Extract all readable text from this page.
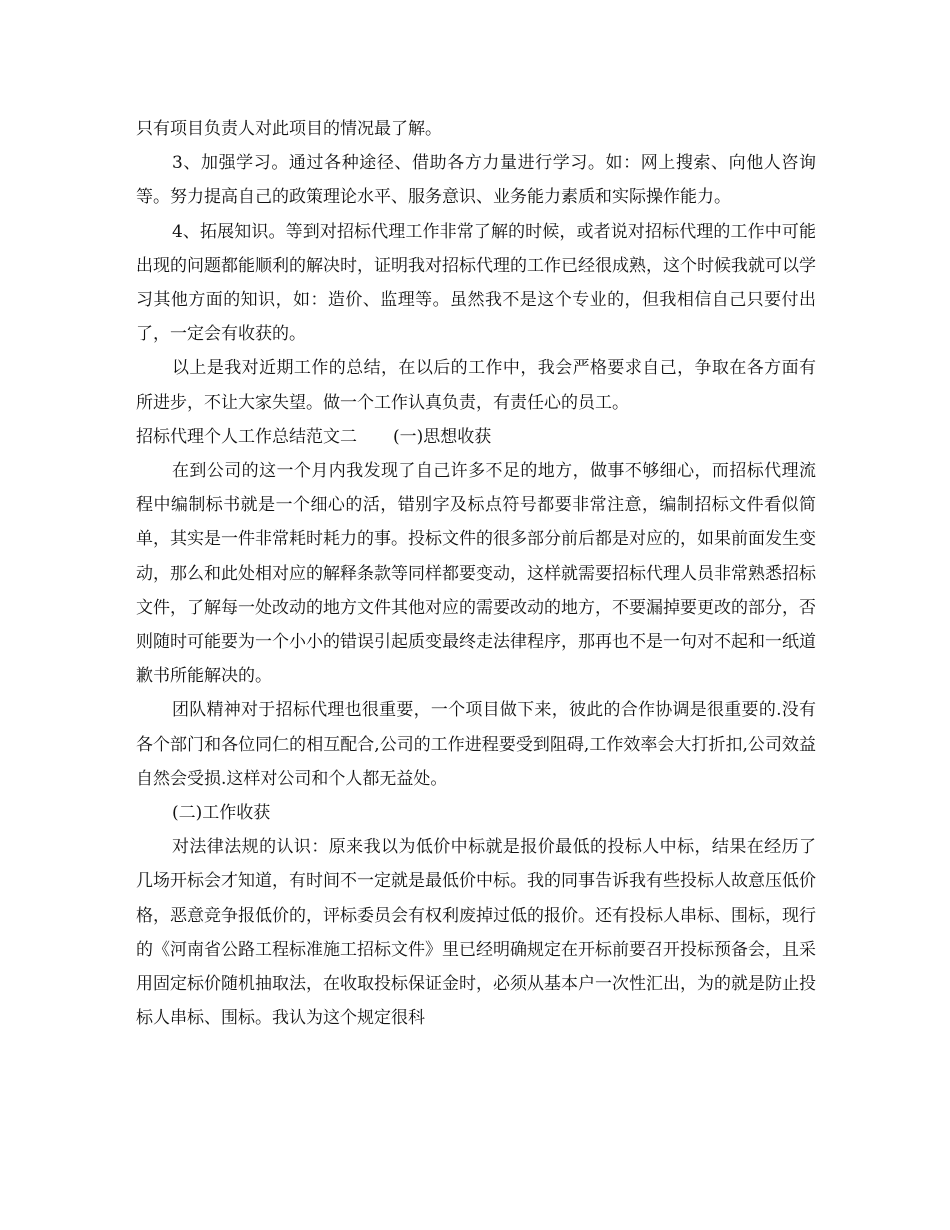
只有项目负责人对此项目的情况最了解。

3、加强学习。通过各种途径、借助各方力量进行学习。如：网上搜索、向他人咨询等。努力提高自己的政策理论水平、服务意识、业务能力素质和实际操作能力。

4、拓展知识。等到对招标代理工作非常了解的时候，或者说对招标代理的工作中可能出现的问题都能顺利的解决时，证明我对招标代理的工作已经很成熟，这个时候我就可以学习其他方面的知识，如：造价、监理等。虽然我不是这个专业的，但我相信自己只要付出了，一定会有收获的。

以上是我对近期工作的总结，在以后的工作中，我会严格要求自己，争取在各方面有所进步，不让大家失望。做一个工作认真负责，有责任心的员工。

招标代理个人工作总结范文二 (一)思想收获

在到公司的这一个月内我发现了自己许多不足的地方，做事不够细心，而招标代理流程中编制标书就是一个细心的活，错别字及标点符号都要非常注意，编制招标文件看似简单，其实是一件非常耗时耗力的事。投标文件的很多部分前后都是对应的，如果前面发生变动，那么和此处相对应的解释条款等同样都要变动，这样就需要招标代理人员非常熟悉招标文件，了解每一处改动的地方文件其他对应的需要改动的地方，不要漏掉要更改的部分，否则随时可能要为一个小小的错误引起质变最终走法律程序，那再也不是一句对不起和一纸道歉书所能解决的。

团队精神对于招标代理也很重要，一个项目做下来，彼此的合作协调是很重要的.没有各个部门和各位同仁的相互配合,公司的工作进程要受到阻碍,工作效率会大打折扣,公司效益自然会受损.这样对公司和个人都无益处。

(二)工作收获

对法律法规的认识：原来我以为低价中标就是报价最低的投标人中标，结果在经历了几场开标会才知道，有时间不一定就是最低价中标。我的同事告诉我有些投标人故意压低价格，恶意竞争报低价的，评标委员会有权利废掉过低的报价。还有投标人串标、围标，现行的《河南省公路工程标准施工招标文件》里已经明确规定在开标前要召开投标预备会，且采用固定标价随机抽取法，在收取投标保证金时，必须从基本户一次性汇出，为的就是防止投标人串标、围标。我认为这个规定很科
